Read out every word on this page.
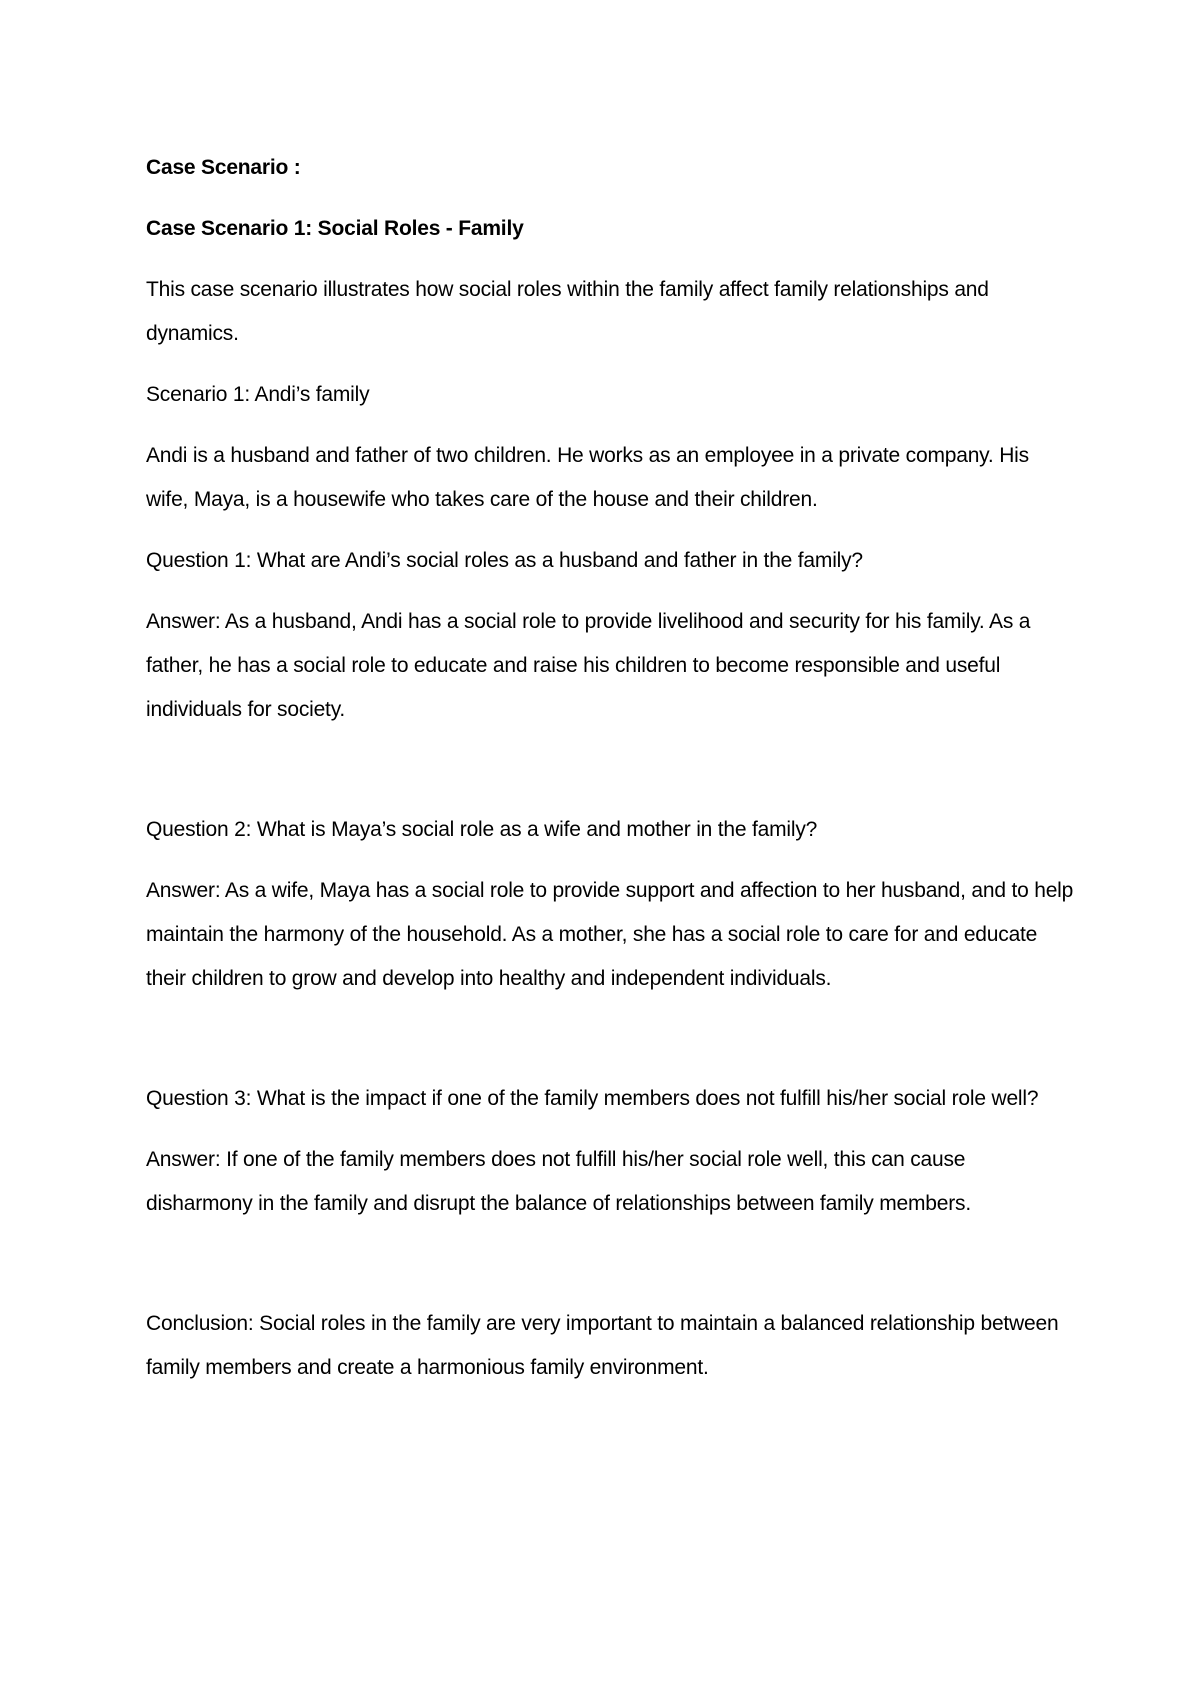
Case Scenario :

Case Scenario 1: Social Roles - Family

This case scenario illustrates how social roles within the family affect family relationships and dynamics.

Scenario 1: Andi’s family

Andi is a husband and father of two children. He works as an employee in a private company. His wife, Maya, is a housewife who takes care of the house and their children.

Question 1: What are Andi’s social roles as a husband and father in the family?

Answer: As a husband, Andi has a social role to provide livelihood and security for his family. As a father, he has a social role to educate and raise his children to become responsible and useful individuals for society.

Question 2: What is Maya’s social role as a wife and mother in the family?

Answer: As a wife, Maya has a social role to provide support and affection to her husband, and to help maintain the harmony of the household. As a mother, she has a social role to care for and educate their children to grow and develop into healthy and independent individuals.

Question 3: What is the impact if one of the family members does not fulfill his/her social role well?

Answer: If one of the family members does not fulfill his/her social role well, this can cause disharmony in the family and disrupt the balance of relationships between family members.

Conclusion: Social roles in the family are very important to maintain a balanced relationship between family members and create a harmonious family environment.
